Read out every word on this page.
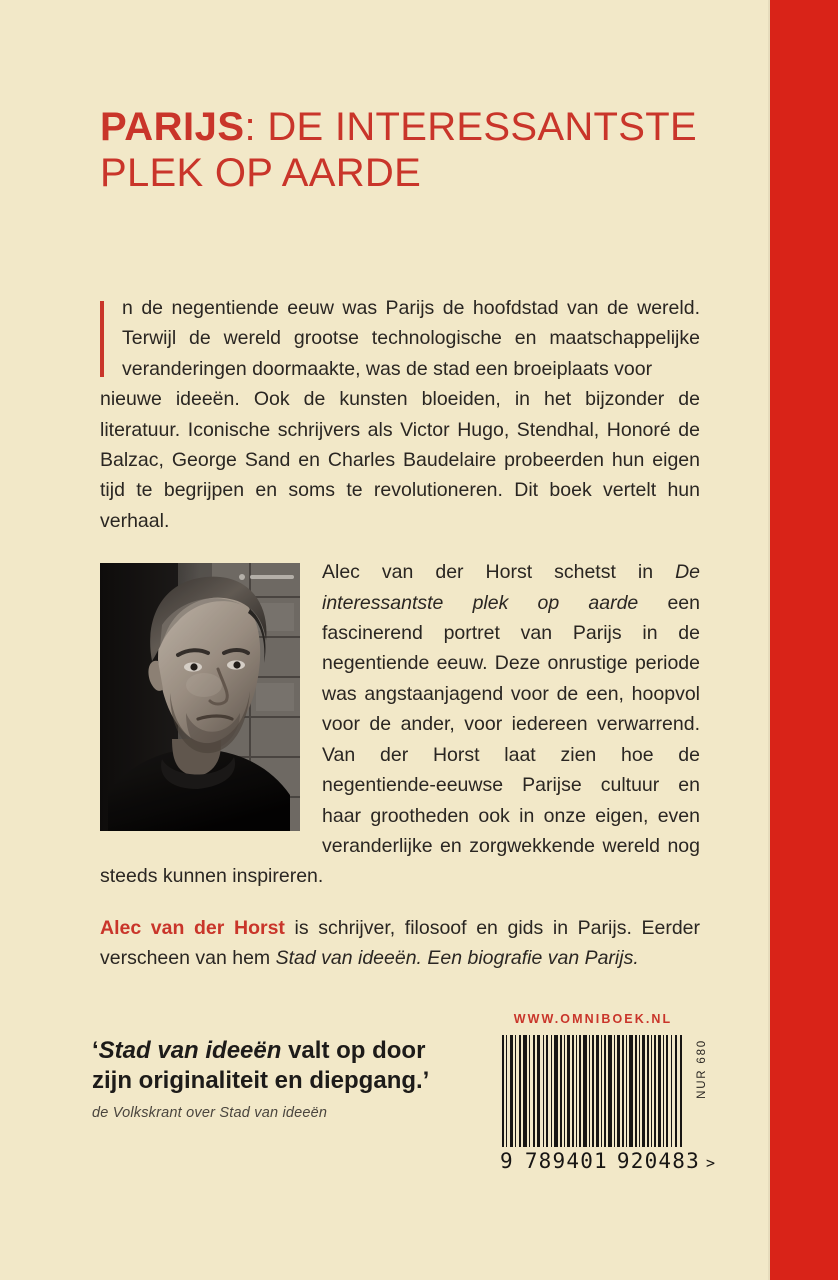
PARIJS: DE INTERESSANTSTE PLEK OP AARDE
n de negentiende eeuw was Parijs de hoofdstad van de wereld. Terwijl de wereld grootse technologische en maatschappelijke veranderingen doormaakte, was de stad een broeiplaats voor
nieuwe ideeën. Ook de kunsten bloeiden, in het bijzonder de literatuur. Iconische schrijvers als Victor Hugo, Stendhal, Honoré de Balzac, George Sand en Charles Baudelaire probeerden hun eigen tijd te begrijpen en soms te revolutioneren. Dit boek vertelt hun verhaal.
Alec van der Horst schetst in De interessantste plek op aarde een fascinerend portret van Parijs in de negentiende eeuw. Deze onrustige periode was angstaanjagend voor de een, hoopvol voor de ander, voor iedereen verwarrend. Van der Horst laat zien hoe de negentiende-eeuwse Parijse cultuur en haar grootheden ook in onze eigen, even veranderlijke en zorgwekkende wereld nog steeds kunnen inspireren.
Alec van der Horst is schrijver, filosoof en gids in Parijs. Eerder verscheen van hem Stad van ideeën. Een biografie van Parijs.
‘Stad van ideeën valt op door zijn originaliteit en diepgang.’
de Volkskrant over Stad van ideeën
WWW.OMNIBOEK.NL
NUR 680
9 789401 920483 >
